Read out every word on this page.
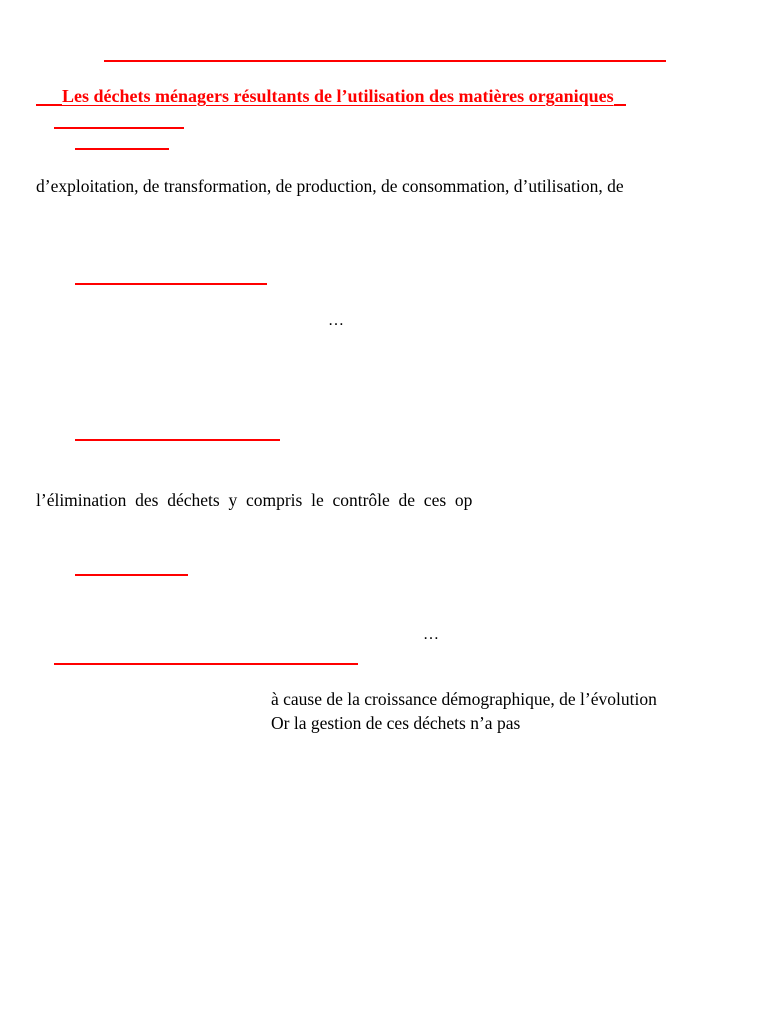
Les déchets ménagers résultants de l’utilisation des matières organiques
d’exploitation, de transformation, de production, de consommation, d’utilisation, de
…
l’élimination  des  déchets  y  compris  le  contrôle  de  ces  op
…
à cause de la croissance démographique, de l’évolution
Or la gestion de ces déchets n’a pas
